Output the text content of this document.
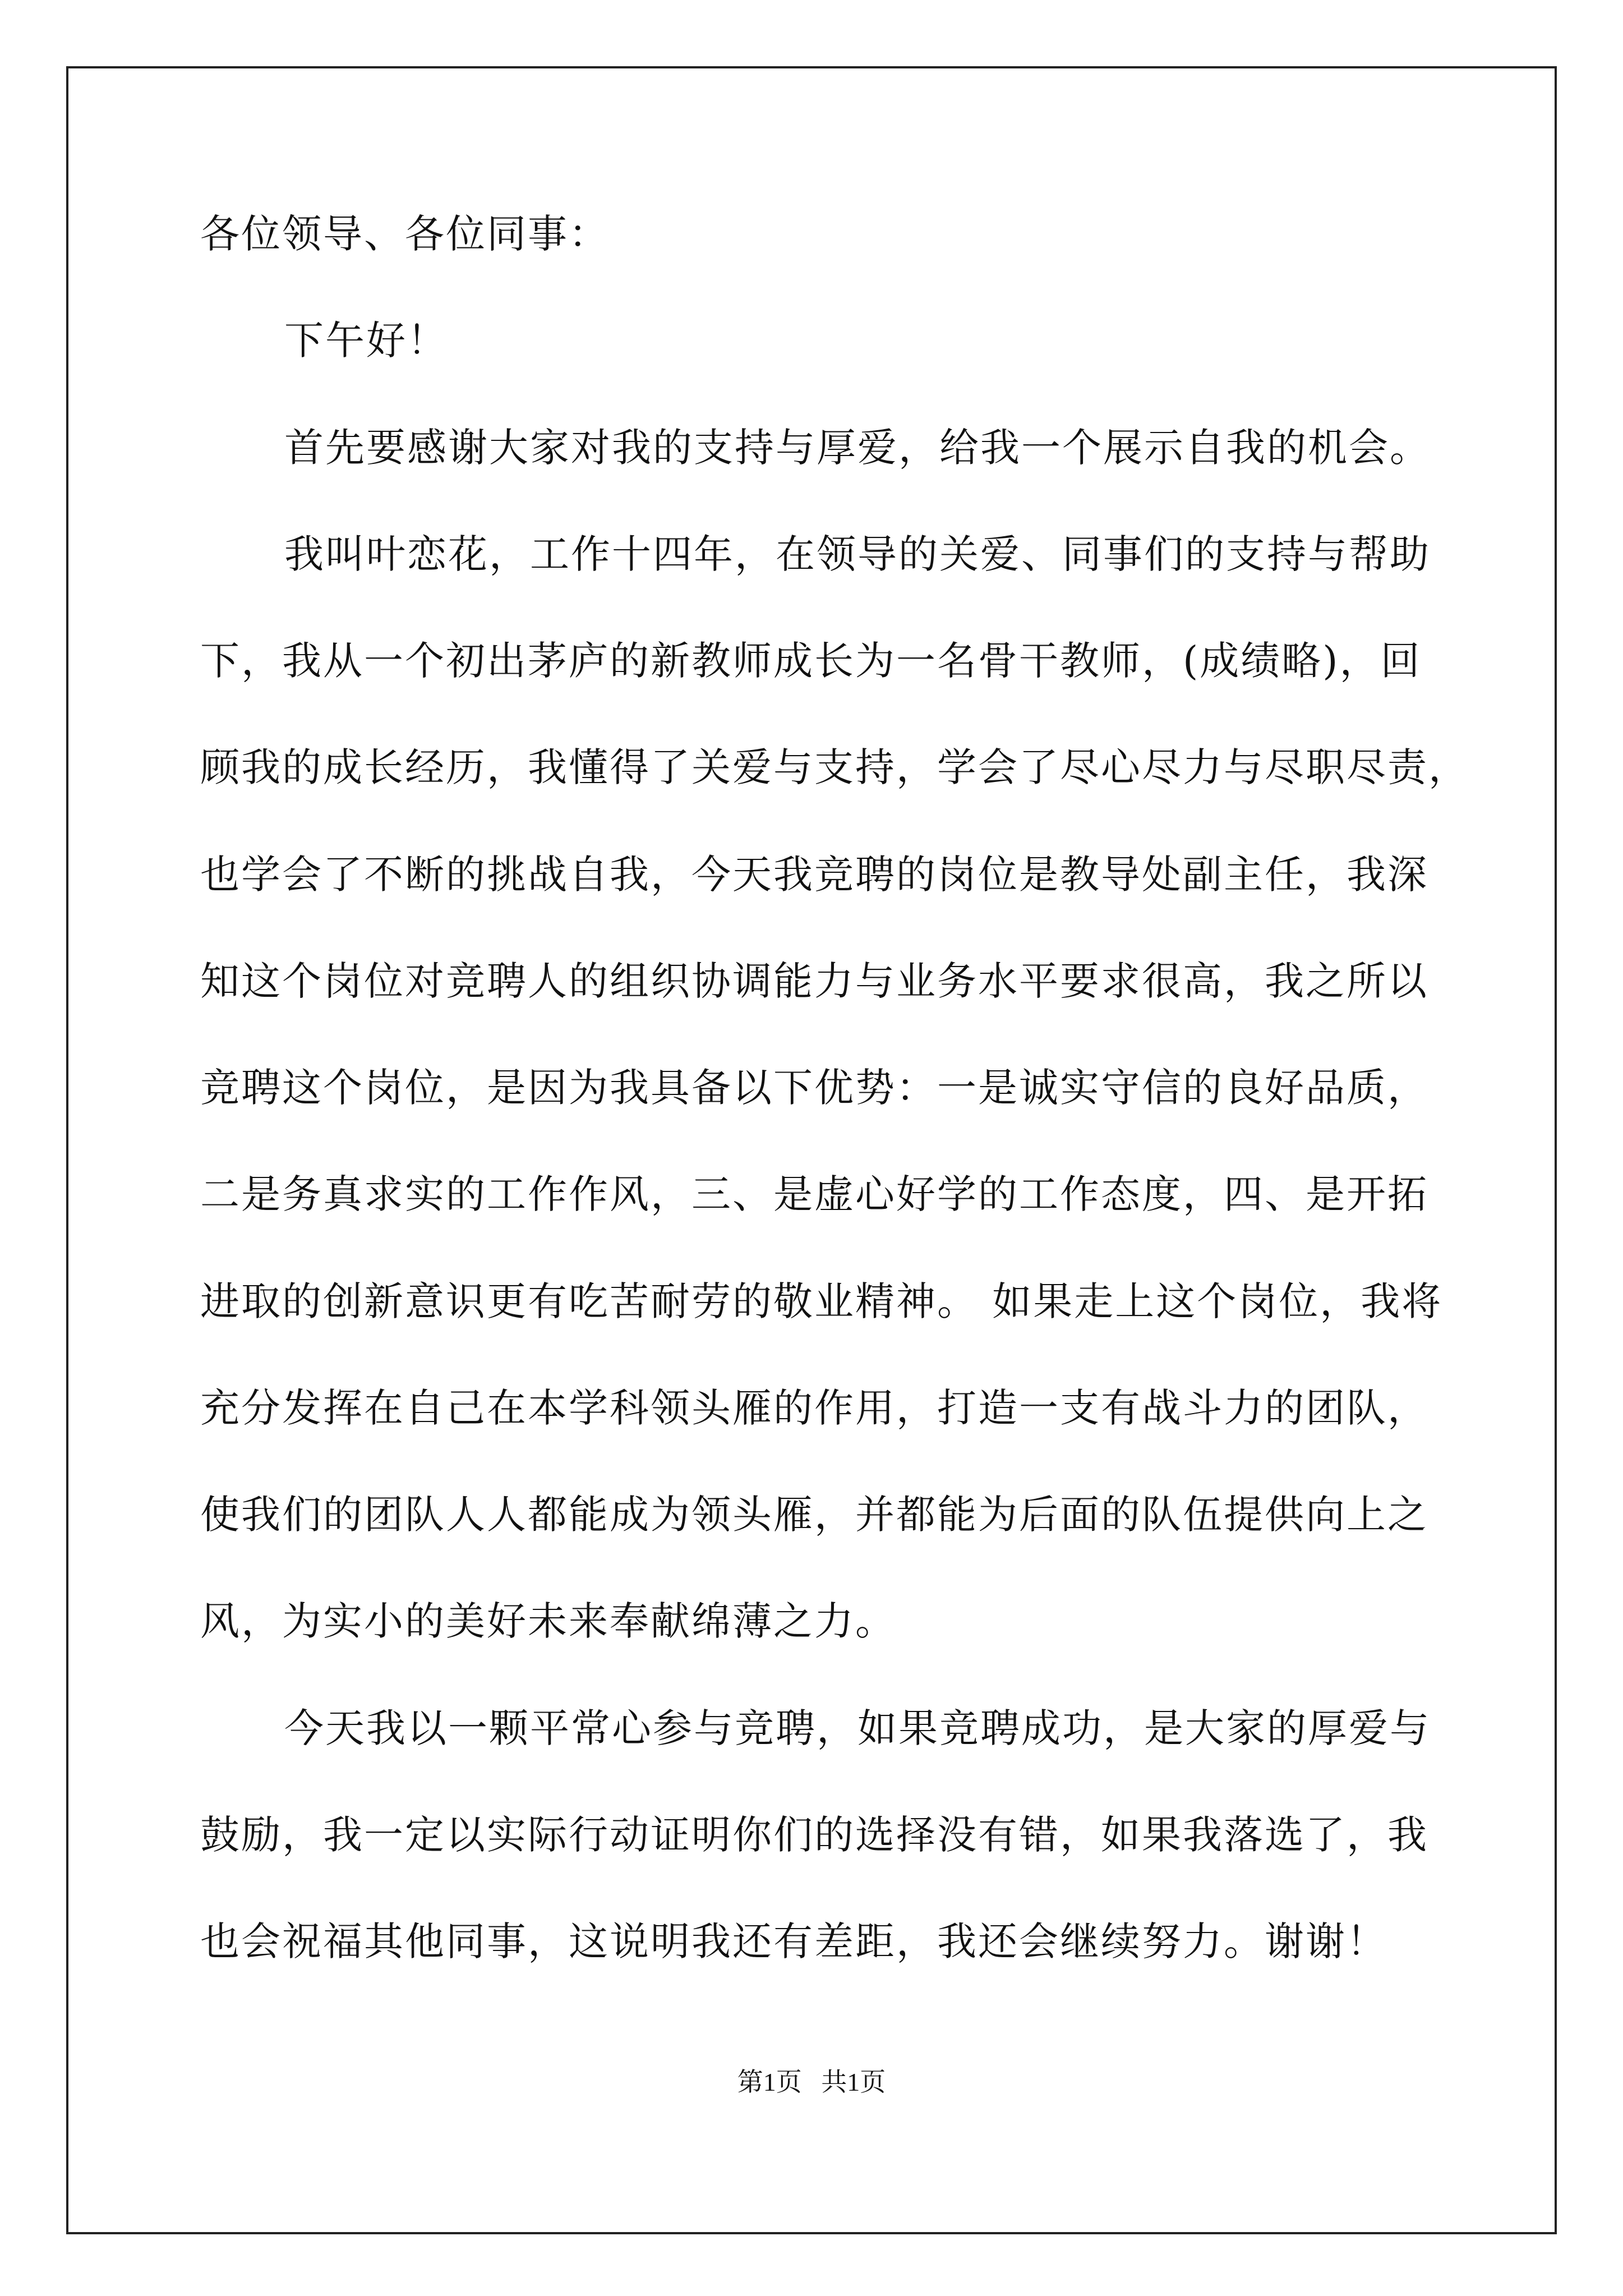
各位领导、各位同事：
下午好！
首先要感谢大家对我的支持与厚爱，给我一个展示自我的机会。
我叫叶恋花，工作十四年，在领导的关爱、同事们的支持与帮助
下，我从一个初出茅庐的新教师成长为一名骨干教师，(成绩略)，回
顾我的成长经历，我懂得了关爱与支持，学会了尽心尽力与尽职尽责，
也学会了不断的挑战自我，今天我竞聘的岗位是教导处副主任，我深
知这个岗位对竞聘人的组织协调能力与业务水平要求很高，我之所以
竞聘这个岗位，是因为我具备以下优势：一是诚实守信的良好品质，
二是务真求实的工作作风，三、是虚心好学的工作态度，四、是开拓
进取的创新意识更有吃苦耐劳的敬业精神。 如果走上这个岗位，我将
充分发挥在自己在本学科领头雁的作用，打造一支有战斗力的团队，
使我们的团队人人都能成为领头雁，并都能为后面的队伍提供向上之
风，为实小的美好未来奉献绵薄之力。
今天我以一颗平常心参与竞聘，如果竞聘成功，是大家的厚爱与
鼓励，我一定以实际行动证明你们的选择没有错，如果我落选了，我
也会祝福其他同事，这说明我还有差距，我还会继续努力。谢谢！
第1页   共1页
